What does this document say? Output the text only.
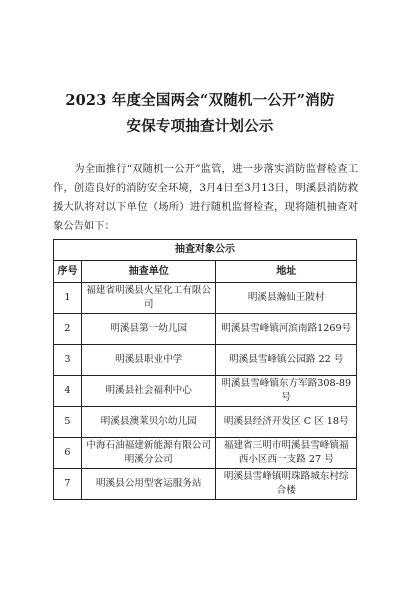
2023 年度全国两会“双随机一公开”消防
安保专项抽查计划公示
为全面推行“双随机一公开”监管，进一步落实消防监督检查工作，创造良好的消防安全环境，3月4日至3月13日，明溪县消防救援大队将对以下单位（场所）进行随机监督检查，现将随机抽查对象公告如下：
抽查对象公示		
序号	抽查单位	地址
1	福建省明溪县火星化工有限公司	明溪县瀚仙王陂村
2	明溪县第一幼儿园	明溪县雪峰镇河滨南路1269号
3	明溪县职业中学	明溪县雪峰镇公园路 22 号
4	明溪县社会福利中心	明溪县雪峰镇东方军路308-89号
5	明溪县澳莱贝尔幼儿园	明溪县经济开发区 C 区 18号
6	中海石油福建新能源有限公司明溪分公司	福建省三明市明溪县雪峰镇福西小区西一支路 27 号
7	明溪县公用型客运服务站	明溪县雪峰镇明珠路城东村综合楼
